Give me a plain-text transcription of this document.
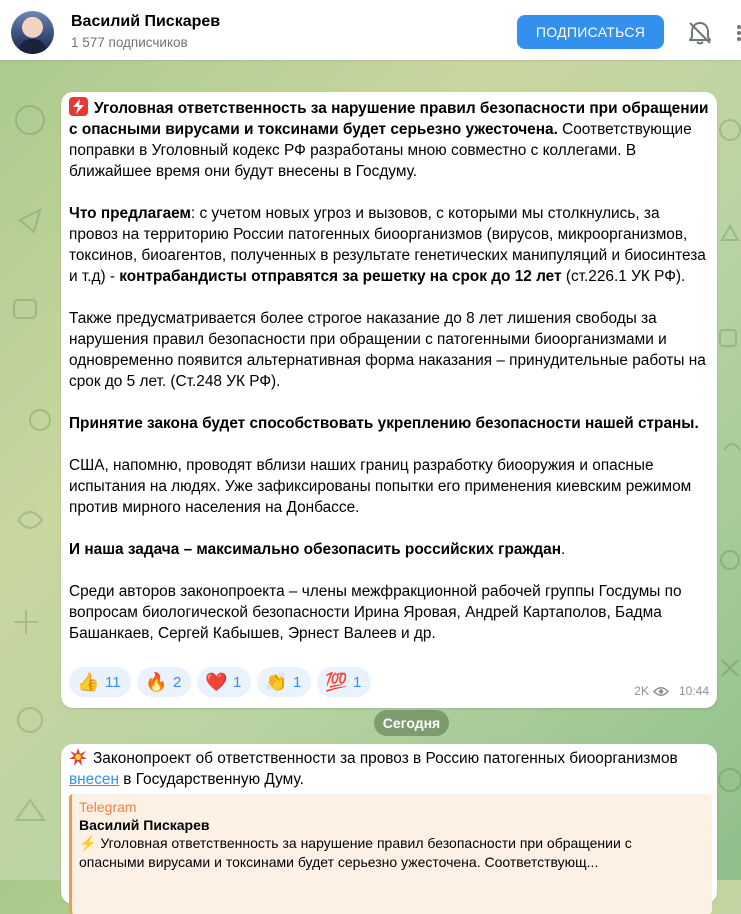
Василий Пискарев
1 577 подписчиков
ПОДПИСАТЬСЯ

Уголовная ответственность за нарушение правил безопасности при обращении с опасными вирусами и токсинами будет серьезно ужесточена. Соответствующие поправки в Уголовный кодекс РФ разработаны мною совместно с коллегами. В ближайшее время они будут внесены в Госдуму.

Что предлагаем: с учетом новых угроз и вызовов, с которыми мы столкнулись, за провоз на территорию России патогенных биоорганизмов (вирусов, микроорганизмов, токсинов, биоагентов, полученных в результате генетических манипуляций и биосинтеза и т.д) - контрабандисты отправятся за решетку на срок до 12 лет (ст.226.1 УК РФ).

Также предусматривается более строгое наказание до 8 лет лишения свободы за нарушения правил безопасности при обращении с патогенными биоорганизмами и одновременно появится альтернативная форма наказания – принудительные работы на срок до 5 лет. (Ст.248 УК РФ).

Принятие закона будет способствовать укреплению безопасности нашей страны.

США, напомню, проводят вблизи наших границ разработку биооружия и опасные испытания на людях. Уже зафиксированы попытки его применения киевским режимом против мирного населения на Донбассе.

И наша задача – максимально обезопасить российских граждан.

Среди авторов законопроекта – члены межфракционной рабочей группы Госдумы по вопросам биологической безопасности Ирина Яровая, Андрей Картаполов, Бадма Башанкаев, Сергей Кабышев, Эрнест Валеев и др.

👍 11 🔥 2 ❤️ 1 👏 1 💯 1	2K	10:44
Сегодня
Законопроект об ответственности за провоз в Россию патогенных биоорганизмов внесен в Государственную Думу.
Telegram
Василий Пискарев
⚡ Уголовная ответственность за нарушение правил безопасности при обращении с опасными вирусами и токсинами будет серьезно ужесточена. Соответствующ...
